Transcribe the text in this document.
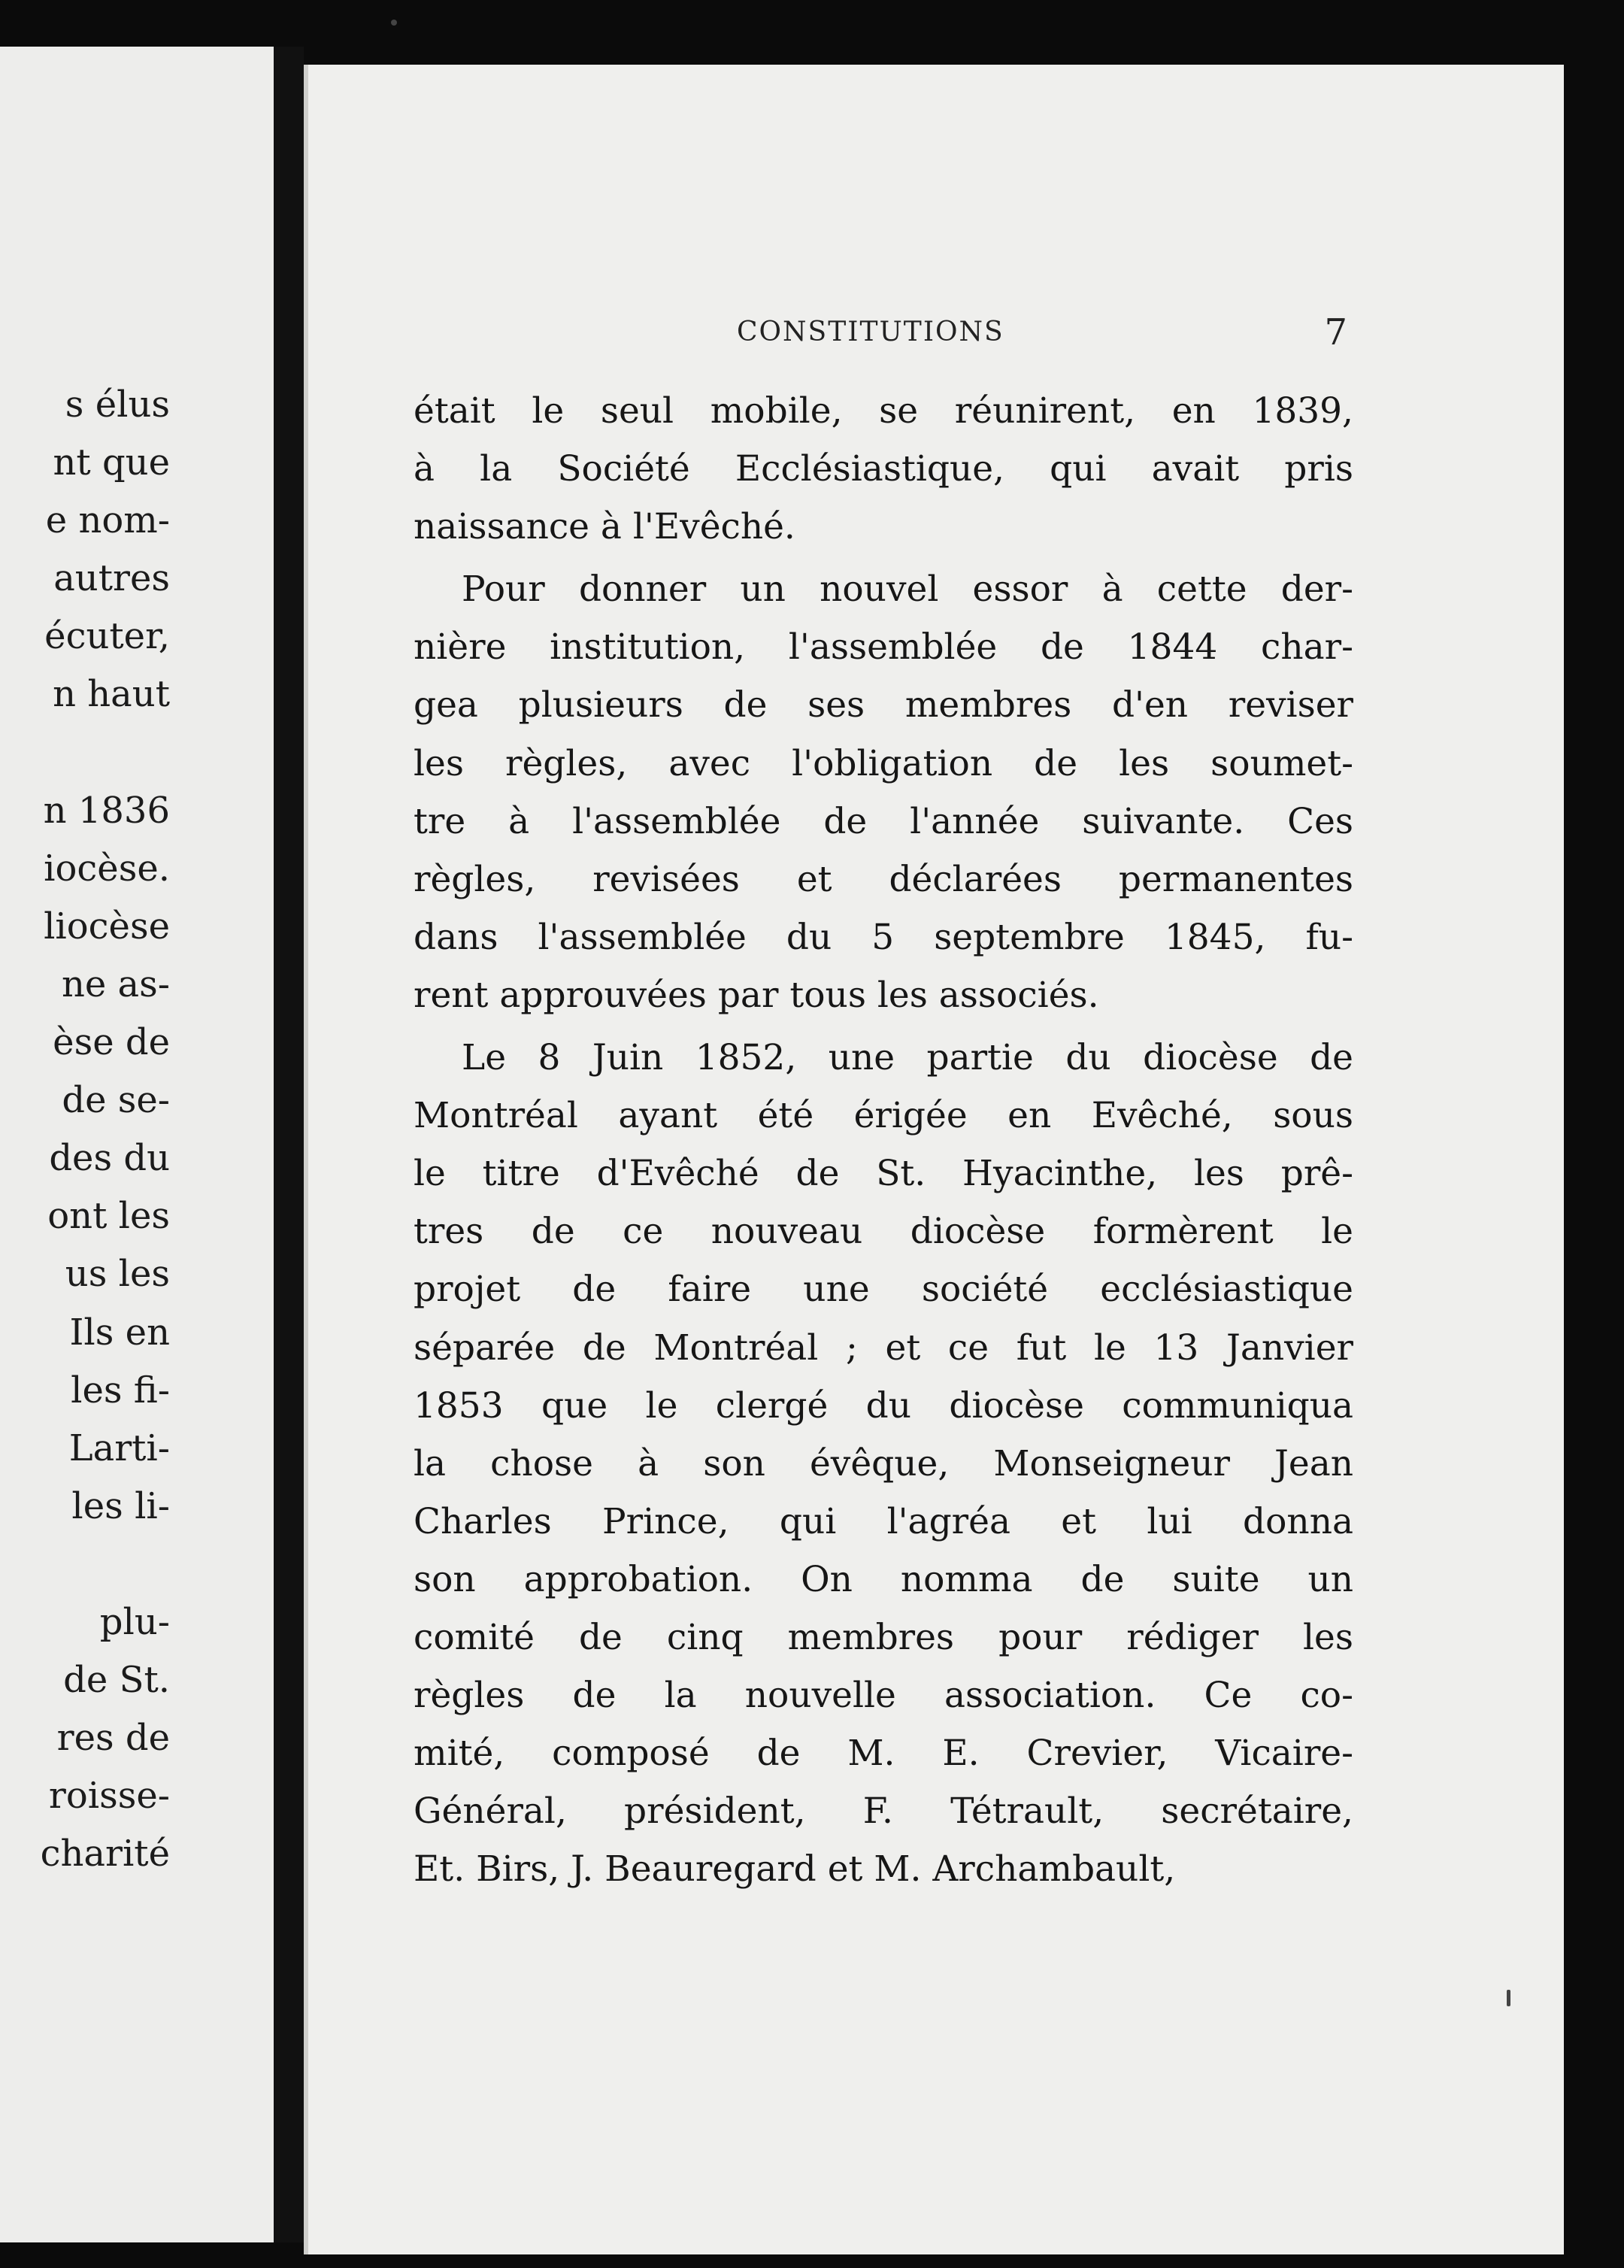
s élus
nt que
e nom-
autres
écuter,
n haut
n 1836
iocèse.
liocèse
ne as-
èse de
de se-
des du
ont les
us les
Ils en
les fi-
Larti-
les li-
plu-
de St.
res de
roisse-
charité
CONSTITUTIONS	7
était le seul mobile, se réunirent, en 1839,
à la Société Ecclésiastique, qui avait pris
naissance à l'Evêché.
Pour donner un nouvel essor à cette der-
nière institution, l'assemblée de 1844 char-
gea plusieurs de ses membres d'en reviser
les règles, avec l'obligation de les soumet-
tre à l'assemblée de l'année suivante. Ces
règles, revisées et déclarées permanentes
dans l'assemblée du 5 septembre 1845, fu-
rent approuvées par tous les associés.
Le 8 Juin 1852, une partie du diocèse de
Montréal ayant été érigée en Evêché, sous
le titre d'Evêché de St. Hyacinthe, les prê-
tres de ce nouveau diocèse formèrent le
projet de faire une société ecclésiastique
séparée de Montréal ; et ce fut le 13 Janvier
1853 que le clergé du diocèse communiqua
la chose à son évêque, Monseigneur Jean
Charles Prince, qui l'agréa et lui donna
son approbation. On nomma de suite un
comité de cinq membres pour rédiger les
règles de la nouvelle association. Ce co-
mité, composé de M. E. Crevier, Vicaire-
Général, président, F. Tétrault, secrétaire,
Et. Birs, J. Beauregard et M. Archambault,
